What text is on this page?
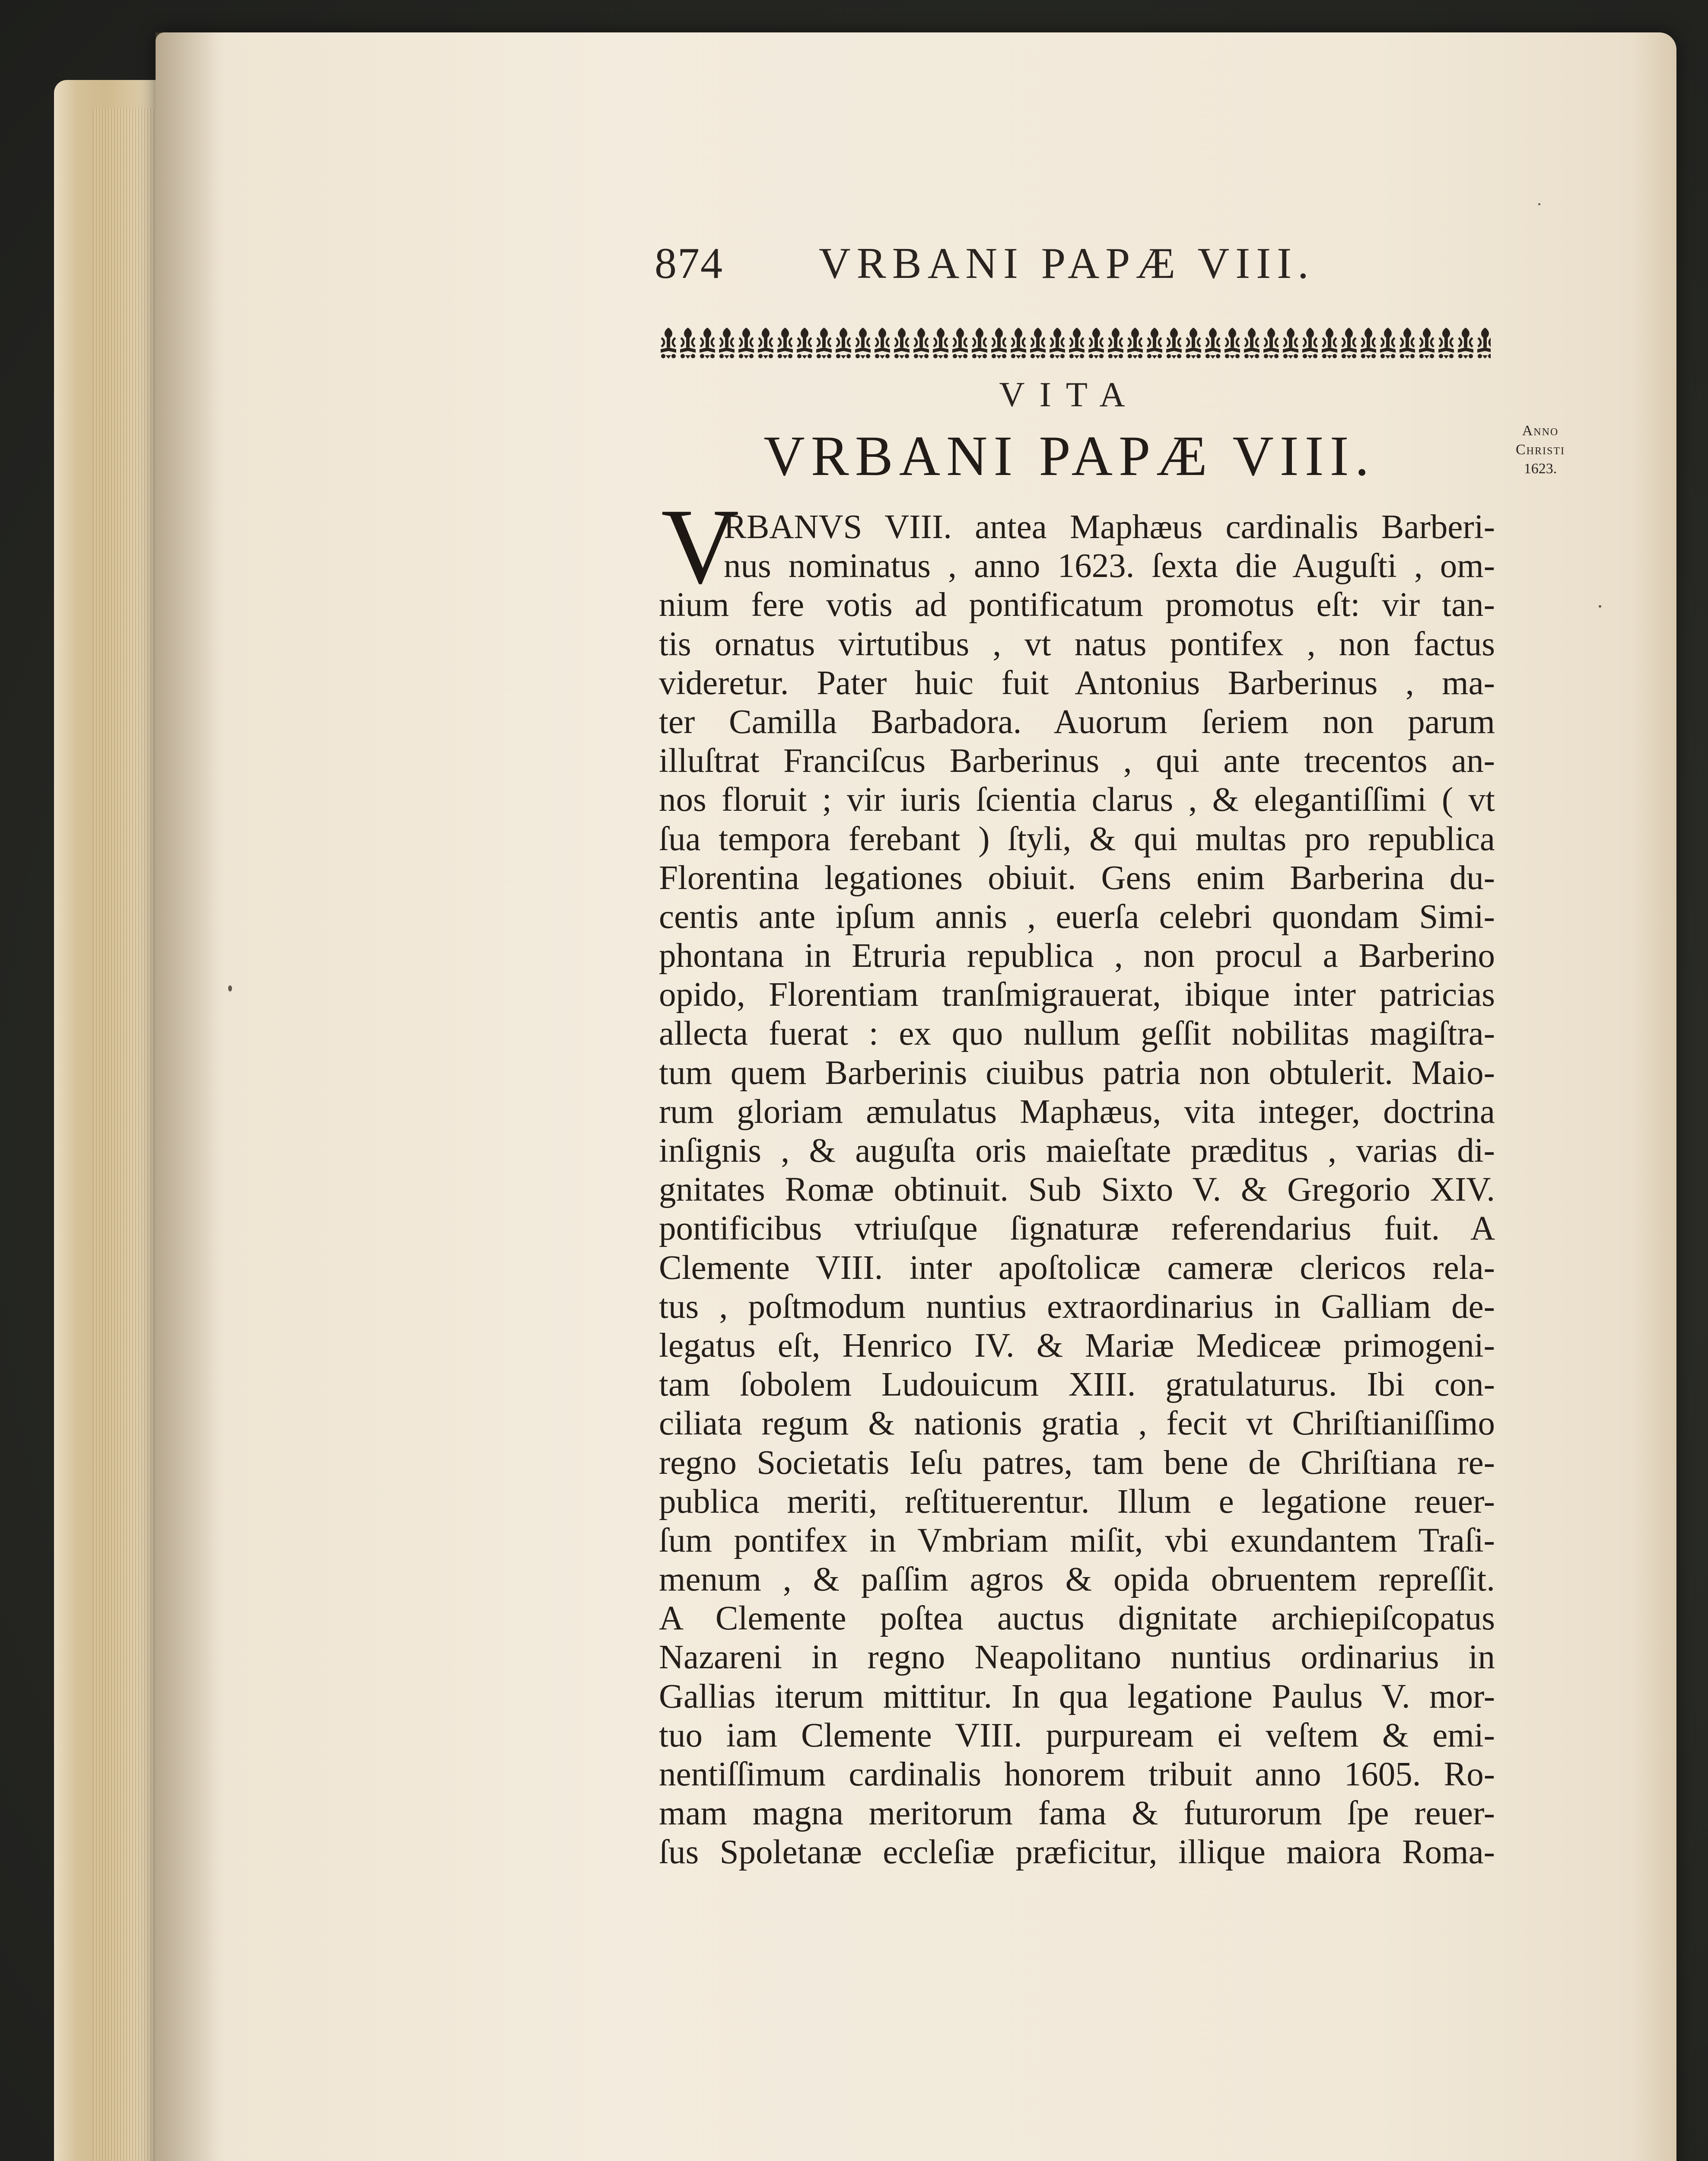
874 VRBANI PAPÆ VIII.
VITA
VRBANI PAPÆ VIII.	Anno
Christi
1623.
V
RBANVS VIII. antea Maphæus cardinalis Barberi-
nus nominatus , anno 1623. ſexta die Auguſti , om-
nium fere votis ad pontificatum promotus eſt: vir tan-
tis ornatus virtutibus , vt natus pontifex , non factus
videretur. Pater huic fuit Antonius Barberinus , ma-
ter Camilla Barbadora. Auorum ſeriem non parum
illuſtrat Franciſcus Barberinus , qui ante trecentos an-
nos floruit ; vir iuris ſcientia clarus , & elegantiſſimi ( vt
ſua tempora ferebant ) ſtyli, & qui multas pro republica
Florentina legationes obiuit. Gens enim Barberina du-
centis ante ipſum annis , euerſa celebri quondam Simi-
phontana in Etruria republica , non procul a Barberino
opido, Florentiam tranſmigrauerat, ibique inter patricias
allecta fuerat : ex quo nullum geſſit nobilitas magiſtra-
tum quem Barberinis ciuibus patria non obtulerit. Maio-
rum gloriam æmulatus Maphæus, vita integer, doctrina
inſignis , & auguſta oris maieſtate præditus , varias di-
gnitates Romæ obtinuit. Sub Sixto V. & Gregorio XIV.
pontificibus vtriuſque ſignaturæ referendarius fuit. A
Clemente VIII. inter apoſtolicæ cameræ clericos rela-
tus , poſtmodum nuntius extraordinarius in Galliam de-
legatus eſt, Henrico IV. & Mariæ Mediceæ primogeni-
tam ſobolem Ludouicum XIII. gratulaturus. Ibi con-
ciliata regum & nationis gratia , fecit vt Chriſtianiſſimo
regno Societatis Ieſu patres, tam bene de Chriſtiana re-
publica meriti, reſtituerentur. Illum e legatione reuer-
ſum pontifex in Vmbriam miſit, vbi exundantem Traſi-
menum , & paſſim agros & opida obruentem repreſſit.
A Clemente poſtea auctus dignitate archiepiſcopatus
Nazareni in regno Neapolitano nuntius ordinarius in
Gallias iterum mittitur. In qua legatione Paulus V. mor-
tuo iam Clemente VIII. purpuream ei veſtem & emi-
nentiſſimum cardinalis honorem tribuit anno 1605. Ro-
mam magna meritorum fama & futurorum ſpe reuer-
ſus Spoletanæ eccleſiæ præficitur, illique maiora Roma-
